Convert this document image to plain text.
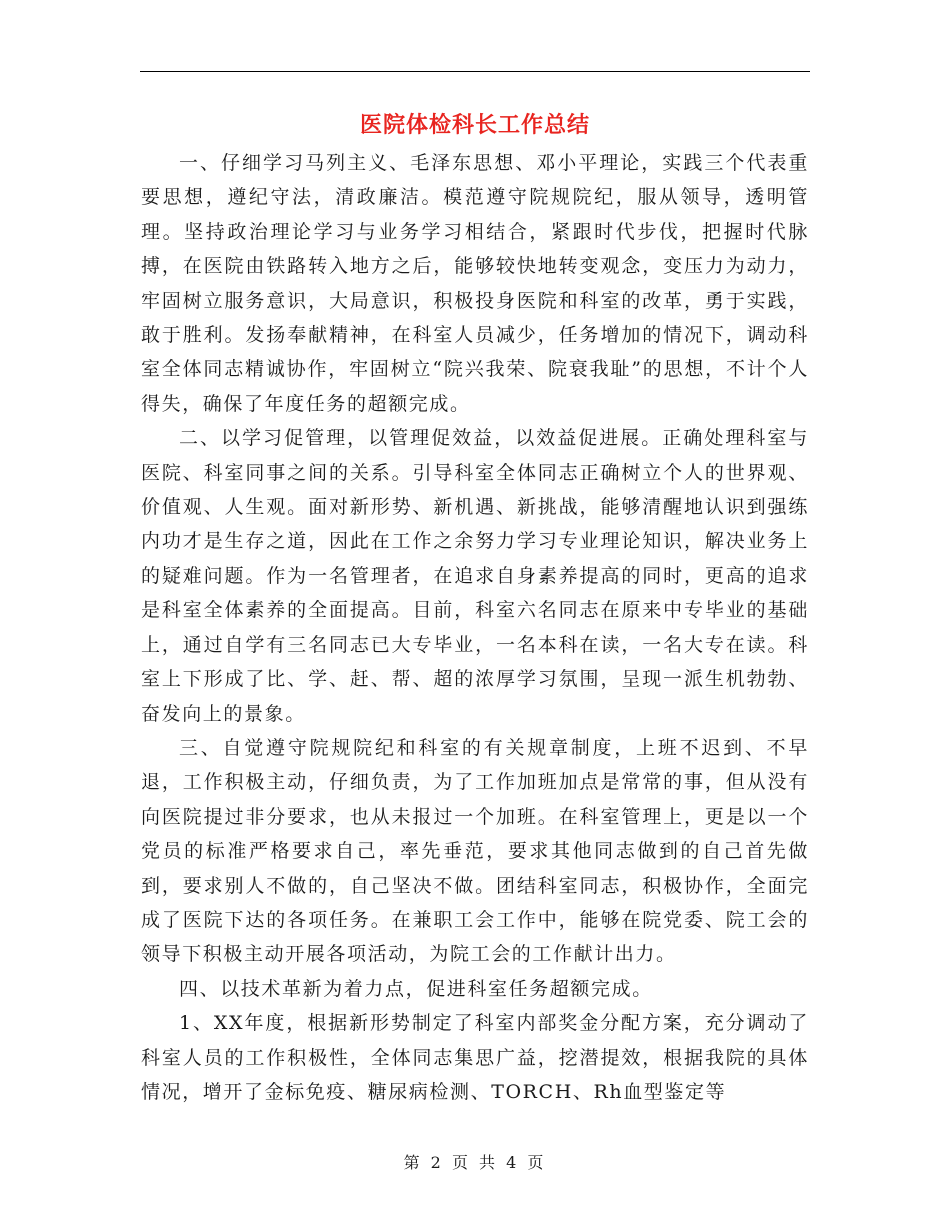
医院体检科长工作总结

一、仔细学习马列主义、毛泽东思想、邓小平理论，实践三个代表重要思想，遵纪守法，清政廉洁。模范遵守院规院纪，服从领导，透明管理。坚持政治理论学习与业务学习相结合，紧跟时代步伐，把握时代脉搏，在医院由铁路转入地方之后，能够较快地转变观念，变压力为动力，牢固树立服务意识，大局意识，积极投身医院和科室的改革，勇于实践，敢于胜利。发扬奉献精神，在科室人员减少，任务增加的情况下，调动科室全体同志精诚协作，牢固树立“院兴我荣、院衰我耻”的思想，不计个人得失，确保了年度任务的超额完成。

二、以学习促管理，以管理促效益，以效益促进展。正确处理科室与医院、科室同事之间的关系。引导科室全体同志正确树立个人的世界观、价值观、人生观。面对新形势、新机遇、新挑战，能够清醒地认识到强练内功才是生存之道，因此在工作之余努力学习专业理论知识，解决业务上的疑难问题。作为一名管理者，在追求自身素养提高的同时，更高的追求是科室全体素养的全面提高。目前，科室六名同志在原来中专毕业的基础上，通过自学有三名同志已大专毕业，一名本科在读，一名大专在读。科室上下形成了比、学、赶、帮、超的浓厚学习氛围，呈现一派生机勃勃、奋发向上的景象。

三、自觉遵守院规院纪和科室的有关规章制度，上班不迟到、不早退，工作积极主动，仔细负责，为了工作加班加点是常常的事，但从没有向医院提过非分要求，也从未报过一个加班。在科室管理上，更是以一个党员的标准严格要求自己，率先垂范，要求其他同志做到的自己首先做到，要求别人不做的，自己坚决不做。团结科室同志，积极协作，全面完成了医院下达的各项任务。在兼职工会工作中，能够在院党委、院工会的领导下积极主动开展各项活动，为院工会的工作献计出力。

四、以技术革新为着力点，促进科室任务超额完成。

1、XX年度，根据新形势制定了科室内部奖金分配方案，充分调动了科室人员的工作积极性，全体同志集思广益，挖潜提效，根据我院的具体情况，增开了金标免疫、糖尿病检测、TORCH、Rh血型鉴定等

第 2 页 共 4 页
